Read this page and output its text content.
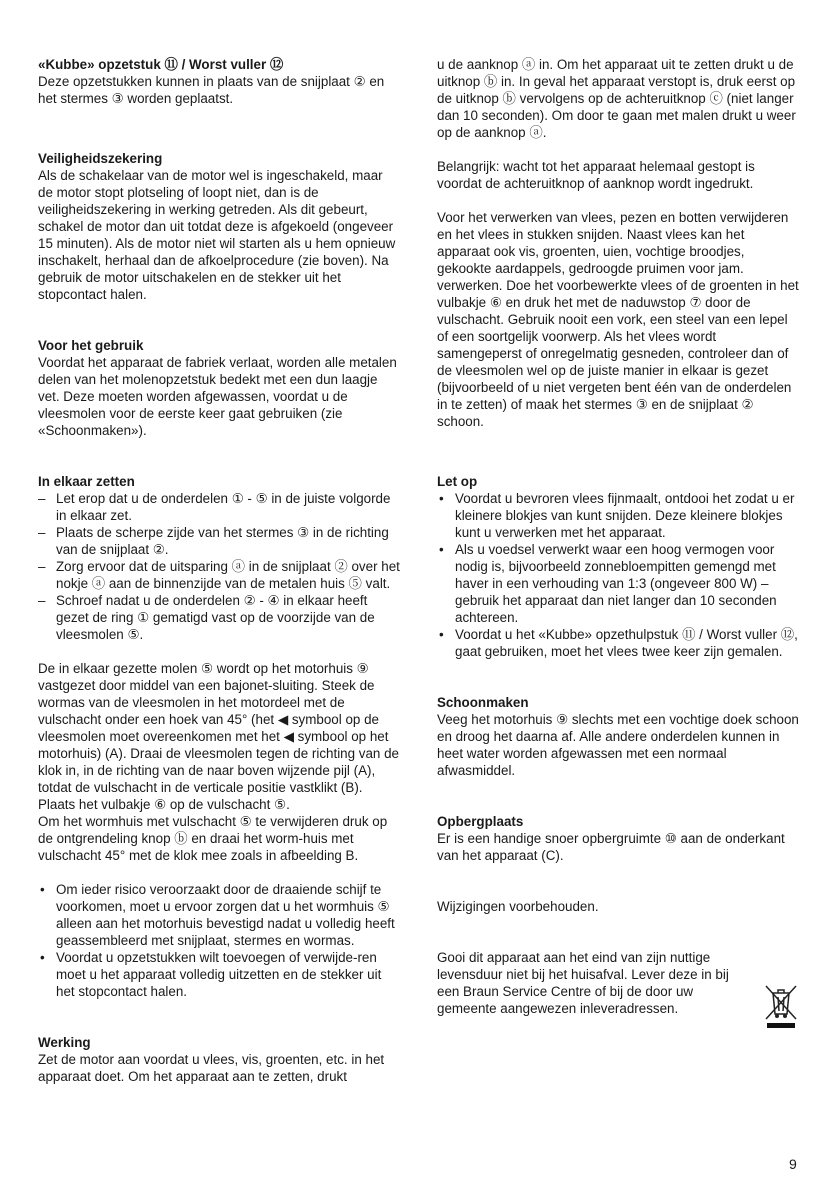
«Kubbe» opzetstuk ⑪ / Worst vuller ⑫

Deze opzetstukken kunnen in plaats van de snijplaat ② en het stermes ③ worden geplaatst.

Veiligheidszekering

Als de schakelaar van de motor wel is ingeschakeld, maar de motor stopt plotseling of loopt niet, dan is de veiligheidszekering in werking getreden. Als dit gebeurt, schakel de motor dan uit totdat deze is afgekoeld (ongeveer 15 minuten). Als de motor niet wil starten als u hem opnieuw inschakelt, herhaal dan de afkoelprocedure (zie boven). Na gebruik de motor uitschakelen en de stekker uit het stopcontact halen.

Voor het gebruik

Voordat het apparaat de fabriek verlaat, worden alle metalen delen van het molenopzetstuk bedekt met een dun laagje vet. Deze moeten worden afgewassen, voordat u de vleesmolen voor de eerste keer gaat gebruiken (zie «Schoonmaken»).

In elkaar zetten
– Let erop dat u de onderdelen ① - ⑤ in de juiste volgorde in elkaar zet.
– Plaats de scherpe zijde van het stermes ③ in de richting van de snijplaat ②.
– Zorg ervoor dat de uitsparing ⓐ in de snijplaat ② over het nokje ⓐ aan de binnenzijde van de metalen huis ⑤ valt.
– Schroef nadat u de onderdelen ② - ④ in elkaar heeft gezet de ring ① gematigd vast op de voorzijde van de vleesmolen ⑤.

De in elkaar gezette molen ⑤ wordt op het motorhuis ⑨ vastgezet door middel van een bajonet-sluiting. Steek de wormas van de vleesmolen in het motordeel met de vulschacht onder een hoek van 45° (het ◀ symbool op de vleesmolen moet overeenkomen met het ◀ symbool op het motorhuis) (A). Draai de vleesmolen tegen de richting van de klok in, in de richting van de naar boven wijzende pijl (A), totdat de vulschacht in de verticale positie vastklikt (B). Plaats het vulbakje ⑥ op de vulschacht ⑤.

Om het wormhuis met vulschacht ⑤ te verwijderen druk op de ontgrendeling knop ⓑ en draai het worm-huis met vulschacht 45° met de klok mee zoals in afbeelding B.

• Om ieder risico veroorzaakt door de draaiende schijf te voorkomen, moet u ervoor zorgen dat u het wormhuis ⑤ alleen aan het motorhuis bevestigd nadat u volledig heeft geassembleerd met snijplaat, stermes en wormas.
• Voordat u opzetstukken wilt toevoegen of verwijde-ren moet u het apparaat volledig uitzetten en de stekker uit het stopcontact halen.
Werking

Zet de motor aan voordat u vlees, vis, groenten, etc. in het apparaat doet. Om het apparaat aan te zetten, drukt

u de aanknop ⓐ in. Om het apparaat uit te zetten drukt u de uitknop ⓑ in. In geval het apparaat verstopt is, druk eerst op de uitknop ⓑ vervolgens op de achteruitknop ⓒ (niet langer dan 10 seconden). Om door te gaan met malen drukt u weer op de aanknop ⓐ.

Belangrijk: wacht tot het apparaat helemaal gestopt is voordat de achteruitknop of aanknop wordt ingedrukt.

Voor het verwerken van vlees, pezen en botten verwijderen en het vlees in stukken snijden. Naast vlees kan het apparaat ook vis, groenten, uien, vochtige broodjes, gekookte aardappels, gedroogde pruimen voor jam. verwerken. Doe het voorbewerkte vlees of de groenten in het vulbakje ⑥ en druk het met de naduwstop ⑦ door de vulschacht. Gebruik nooit een vork, een steel van een lepel of een soortgelijk voorwerp. Als het vlees wordt samengeperst of onregelmatig gesneden, controleer dan of de vleesmolen wel op de juiste manier in elkaar is gezet (bijvoorbeeld of u niet vergeten bent één van de onderdelen in te zetten) of maak het stermes ③ en de snijplaat ② schoon.

Let op
• Voordat u bevroren vlees fijnmaalt, ontdooi het zodat u er kleinere blokjes van kunt snijden. Deze kleinere blokjes kunt u verwerken met het apparaat.
• Als u voedsel verwerkt waar een hoog vermogen voor nodig is, bijvoorbeeld zonnebloempitten gemengd met haver in een verhouding van 1:3 (ongeveer 800 W) – gebruik het apparaat dan niet langer dan 10 seconden achtereen.
• Voordat u het «Kubbe» opzethulpstuk ⑪ / Worst vuller ⑫, gaat gebruiken, moet het vlees twee keer zijn gemalen.
Schoonmaken

Veeg het motorhuis ⑨ slechts met een vochtige doek schoon en droog het daarna af. Alle andere onderdelen kunnen in heet water worden afgewassen met een normaal afwasmiddel.

Opbergplaats

Er is een handige snoer opbergruimte ⑩ aan de onderkant van het apparaat (C).

Wijzigingen voorbehouden.

Gooi dit apparaat aan het eind van zijn nuttige levensduur niet bij het huisafval. Lever deze in bij een Braun Service Centre of bij de door uw gemeente aangewezen inleveradressen.

9
